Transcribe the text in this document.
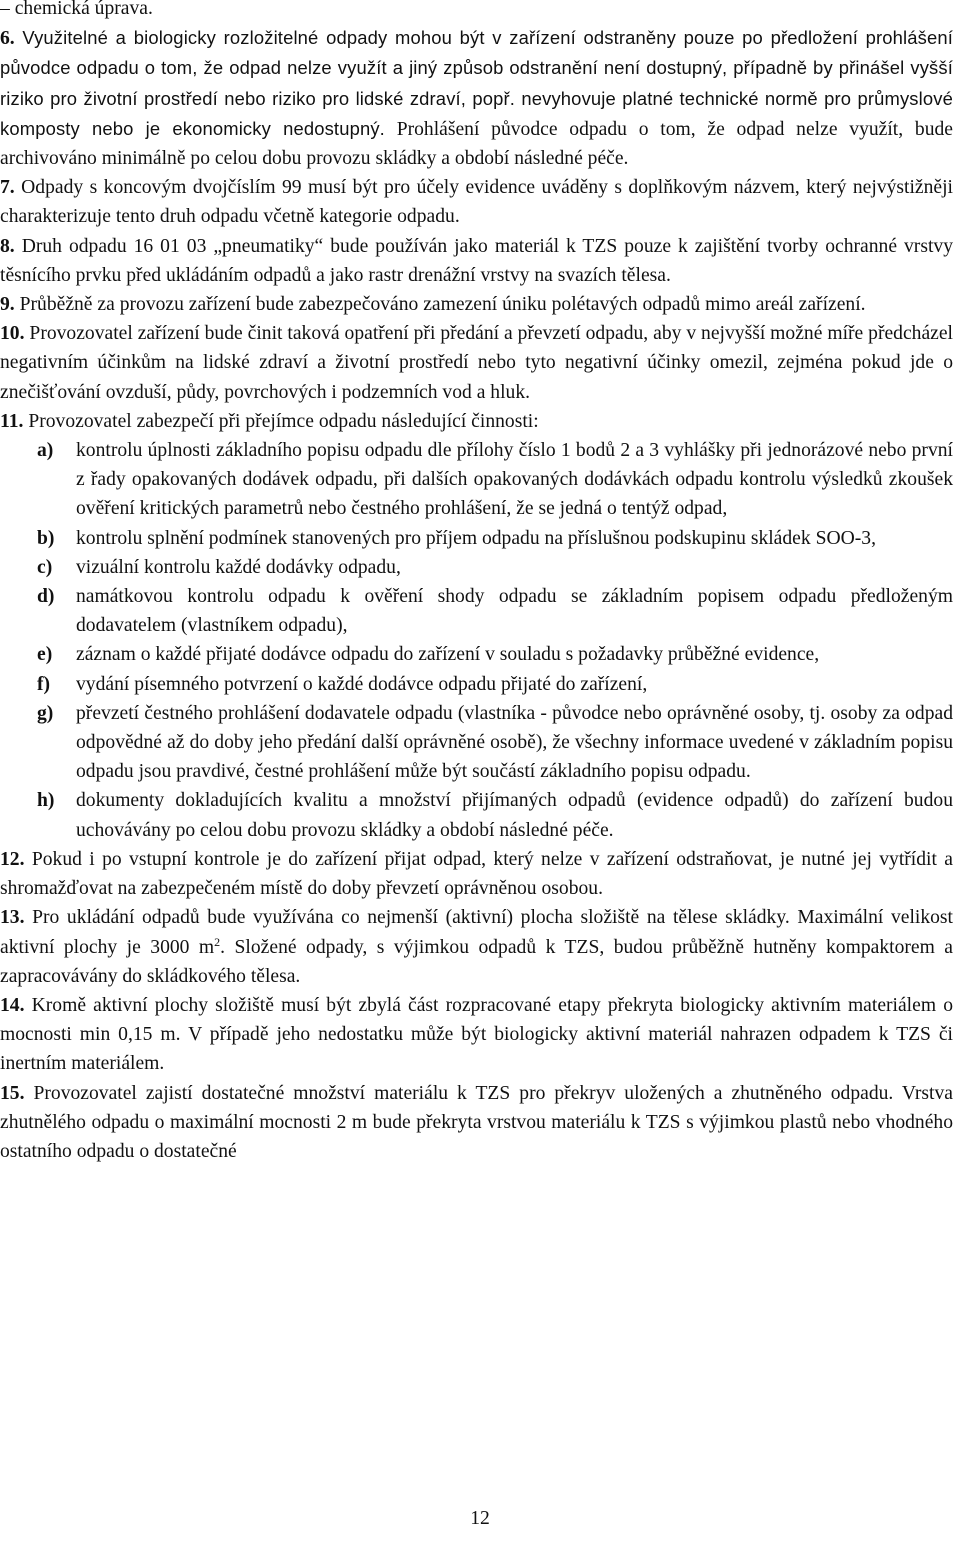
– chemická úprava.

6. Využitelné a biologicky rozložitelné odpady mohou být v zařízení odstraněny pouze po předložení prohlášení původce odpadu o tom, že odpad nelze využít a jiný způsob odstranění není dostupný, případně by přinášel vyšší riziko pro životní prostředí nebo riziko pro lidské zdraví, popř. nevyhovuje platné technické normě pro průmyslové komposty nebo je ekonomicky nedostupný. Prohlášení původce odpadu o tom, že odpad nelze využít, bude archivováno minimálně po celou dobu provozu skládky a období následné péče.

7. Odpady s koncovým dvojčíslím 99 musí být pro účely evidence uváděny s doplňkovým názvem, který nejvýstižněji charakterizuje tento druh odpadu včetně kategorie odpadu.

8. Druh odpadu 16 01 03 „pneumatiky“ bude používán jako materiál k TZS pouze k zajištění tvorby ochranné vrstvy těsnícího prvku před ukládáním odpadů a jako rastr drenážní vrstvy na svazích tělesa.

9. Průběžně za provozu zařízení bude zabezpečováno zamezení úniku polétavých odpadů mimo areál zařízení.

10. Provozovatel zařízení bude činit taková opatření při předání a převzetí odpadu, aby v nejvyšší možné míře předcházel negativním účinkům na lidské zdraví a životní prostředí nebo tyto negativní účinky omezil, zejména pokud jde o znečišťování ovzduší, půdy, povrchových i podzemních vod a hluk.

11. Provozovatel zabezpečí při přejímce odpadu následující činnosti:

a)	kontrolu úplnosti základního popisu odpadu dle přílohy číslo 1 bodů 2 a 3 vyhlášky při jednorázové nebo první z řady opakovaných dodávek odpadu, při dalších opakovaných dodávkách odpadu kontrolu výsledků zkoušek ověření kritických parametrů nebo čestného prohlášení, že se jedná o tentýž odpad,
b)	kontrolu splnění podmínek stanovených pro příjem odpadu na příslušnou podskupinu skládek SOO-3,
c)	vizuální kontrolu každé dodávky odpadu,
d)	namátkovou kontrolu odpadu k ověření shody odpadu se základním popisem odpadu předloženým dodavatelem (vlastníkem odpadu),
e)	záznam o každé přijaté dodávce odpadu do zařízení v souladu s požadavky průběžné evidence,
f)	vydání písemného potvrzení o každé dodávce odpadu přijaté do zařízení,
g)	převzetí čestného prohlášení dodavatele odpadu (vlastníka - původce nebo oprávněné osoby, tj. osoby za odpad odpovědné až do doby jeho předání další oprávněné osobě), že všechny informace uvedené v základním popisu odpadu jsou pravdivé, čestné prohlášení může být součástí základního popisu odpadu.
h)	dokumenty dokladujících kvalitu a množství přijímaných odpadů (evidence odpadů) do zařízení budou uchovávány po celou dobu provozu skládky a období následné péče.

12. Pokud i po vstupní kontrole je do zařízení přijat odpad, který nelze v zařízení odstraňovat, je nutné jej vytřídit a shromažďovat na zabezpečeném místě do doby převzetí oprávněnou osobou.

13. Pro ukládání odpadů bude využívána co nejmenší (aktivní) plocha složiště na tělese skládky. Maximální velikost aktivní plochy je 3000 $m^2$. Složené odpady, s výjimkou odpadů k TZS, budou průběžně hutněny kompaktorem a zapracovávány do skládkového tělesa.

14. Kromě aktivní plochy složiště musí být zbylá část rozpracované etapy překryta biologicky aktivním materiálem o mocnosti min 0,15 m. V případě jeho nedostatku může být biologicky aktivní materiál nahrazen odpadem k TZS či inertním materiálem.

15. Provozovatel zajistí dostatečné množství materiálu k TZS pro překryv uložených a zhutněného odpadu. Vrstva zhutnělého odpadu o maximální mocnosti 2 m bude překryta vrstvou materiálu k TZS s výjimkou plastů nebo vhodného ostatního odpadu o dostatečné

12
